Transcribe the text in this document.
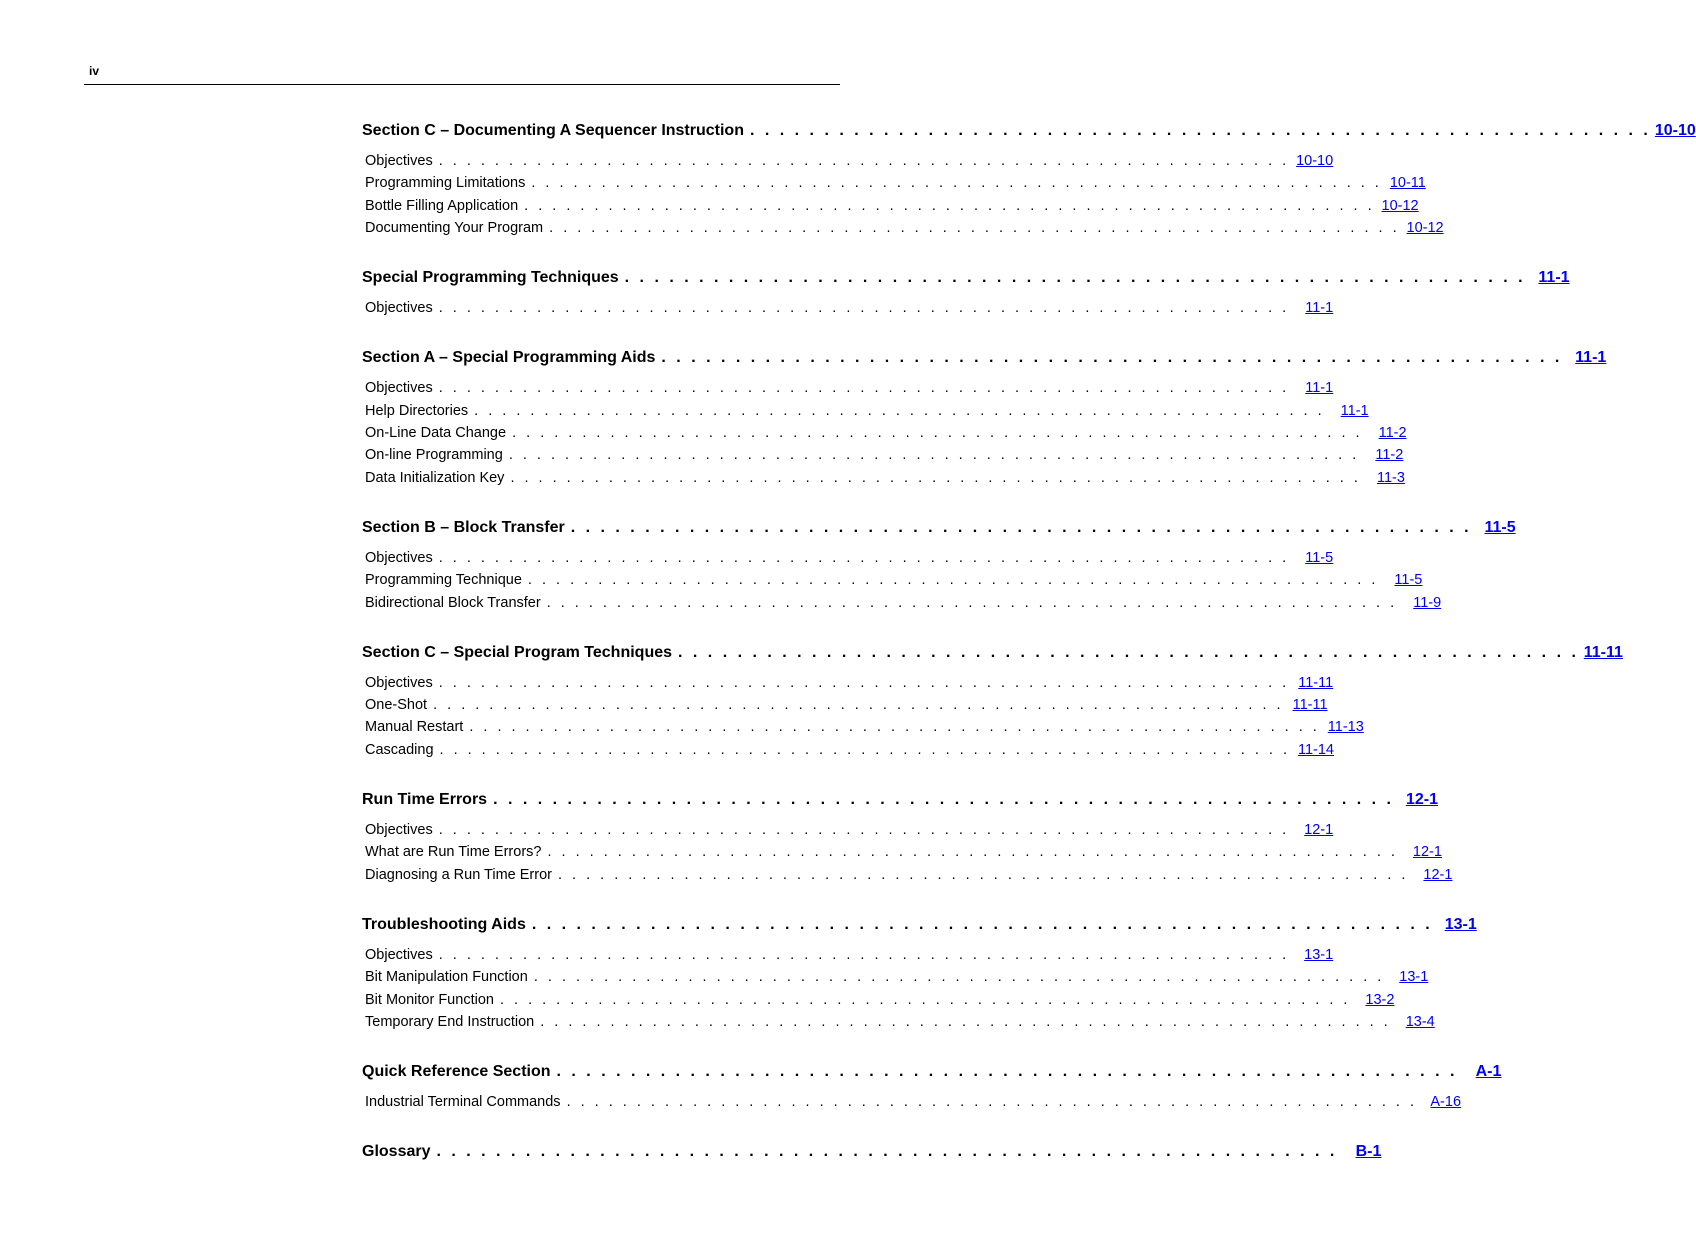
iv
Section C – Documenting A Sequencer Instruction . . . . . . . . . . . . . . . . . . . . . . . . . . . . . . . . . . . . . . . . . . . . . . . . . . . . . . . . . . . . . 10-10
Objectives . . . . . . . . . . . . . . . . . . . . . . . . . . . . . . . . . . . . . . . . . . . . . . . . . . . . . . . . . . . . . 10-10
Programming Limitations . . . . . . . . . . . . . . . . . . . . . . . . . . . . . . . . . . . . . . . . . . . . . . . . . . . . . . . . . . . . . 10-11
Bottle Filling Application . . . . . . . . . . . . . . . . . . . . . . . . . . . . . . . . . . . . . . . . . . . . . . . . . . . . . . . . . . . . . 10-12
Documenting Your Program . . . . . . . . . . . . . . . . . . . . . . . . . . . . . . . . . . . . . . . . . . . . . . . . . . . . . . . . . . . . . 10-12
Special Programming Techniques . . . . . . . . . . . . . . . . . . . . . . . . . . . . . . . . . . . . . . . . . . . . . . . . . . . . . . . . . . . . . 11-1
Objectives . . . . . . . . . . . . . . . . . . . . . . . . . . . . . . . . . . . . . . . . . . . . . . . . . . . . . . . . . . . . .	11-1
Section A – Special Programming Aids . . . . . . . . . . . . . . . . . . . . . . . . . . . . . . . . . . . . . . . . . . . . . . . . . . . . . . . . . . . . . 11-1
Objectives . . . . . . . . . . . . . . . . . . . . . . . . . . . . . . . . . . . . . . . . . . . . . . . . . . . . . . . . . . . . .	11-1
Help Directories . . . . . . . . . . . . . . . . . . . . . . . . . . . . . . . . . . . . . . . . . . . . . . . . . . . . . . . . . . . . .	11-1
On-Line Data Change . . . . . . . . . . . . . . . . . . . . . . . . . . . . . . . . . . . . . . . . . . . . . . . . . . . . . . . . . . . . .	11-2
On-line Programming . . . . . . . . . . . . . . . . . . . . . . . . . . . . . . . . . . . . . . . . . . . . . . . . . . . . . . . . . . . . .	11-2
Data Initialization Key . . . . . . . . . . . . . . . . . . . . . . . . . . . . . . . . . . . . . . . . . . . . . . . . . . . . . . . . . . . . .	11-3
Section B – Block Transfer . . . . . . . . . . . . . . . . . . . . . . . . . . . . . . . . . . . . . . . . . . . . . . . . . . . . . . . . . . . . . 11-5
Objectives . . . . . . . . . . . . . . . . . . . . . . . . . . . . . . . . . . . . . . . . . . . . . . . . . . . . . . . . . . . . .	11-5
Programming Technique . . . . . . . . . . . . . . . . . . . . . . . . . . . . . . . . . . . . . . . . . . . . . . . . . . . . . . . . . . . . .	11-5
Bidirectional Block Transfer . . . . . . . . . . . . . . . . . . . . . . . . . . . . . . . . . . . . . . . . . . . . . . . . . . . . . . . . . . . . .	11-9
Section C – Special Program Techniques . . . . . . . . . . . . . . . . . . . . . . . . . . . . . . . . . . . . . . . . . . . . . . . . . . . . . . . . . . . . . 11-11
Objectives . . . . . . . . . . . . . . . . . . . . . . . . . . . . . . . . . . . . . . . . . . . . . . . . . . . . . . . . . . . . . 11-11
One-Shot . . . . . . . . . . . . . . . . . . . . . . . . . . . . . . . . . . . . . . . . . . . . . . . . . . . . . . . . . . . . . 11-11
Manual Restart . . . . . . . . . . . . . . . . . . . . . . . . . . . . . . . . . . . . . . . . . . . . . . . . . . . . . . . . . . . . . 11-13
Cascading . . . . . . . . . . . . . . . . . . . . . . . . . . . . . . . . . . . . . . . . . . . . . . . . . . . . . . . . . . . . . 11-14
Run Time Errors . . . . . . . . . . . . . . . . . . . . . . . . . . . . . . . . . . . . . . . . . . . . . . . . . . . . . . . . . . . . . 12-1
Objectives . . . . . . . . . . . . . . . . . . . . . . . . . . . . . . . . . . . . . . . . . . . . . . . . . . . . . . . . . . . . .	12-1
What are Run Time Errors? . . . . . . . . . . . . . . . . . . . . . . . . . . . . . . . . . . . . . . . . . . . . . . . . . . . . . . . . . . . . .	12-1
Diagnosing a Run Time Error . . . . . . . . . . . . . . . . . . . . . . . . . . . . . . . . . . . . . . . . . . . . . . . . . . . . . . . . . . . . .	12-1
Troubleshooting Aids . . . . . . . . . . . . . . . . . . . . . . . . . . . . . . . . . . . . . . . . . . . . . . . . . . . . . . . . . . . . . 13-1
Objectives . . . . . . . . . . . . . . . . . . . . . . . . . . . . . . . . . . . . . . . . . . . . . . . . . . . . . . . . . . . . .	13-1
Bit Manipulation Function . . . . . . . . . . . . . . . . . . . . . . . . . . . . . . . . . . . . . . . . . . . . . . . . . . . . . . . . . . . . .	13-1
Bit Monitor Function . . . . . . . . . . . . . . . . . . . . . . . . . . . . . . . . . . . . . . . . . . . . . . . . . . . . . . . . . . . . .	13-2
Temporary End Instruction . . . . . . . . . . . . . . . . . . . . . . . . . . . . . . . . . . . . . . . . . . . . . . . . . . . . . . . . . . . . .	13-4
Quick Reference Section . . . . . . . . . . . . . . . . . . . . . . . . . . . . . . . . . . . . . . . . . . . . . . . . . . . . . . . . . . . . .	A-1
Industrial Terminal Commands . . . . . . . . . . . . . . . . . . . . . . . . . . . . . . . . . . . . . . . . . . . . . . . . . . . . . . . . . . . . . A-16
Glossary . . . . . . . . . . . . . . . . . . . . . . . . . . . . . . . . . . . . . . . . . . . . . . . . . . . . . . . . . . . . .	B-1
